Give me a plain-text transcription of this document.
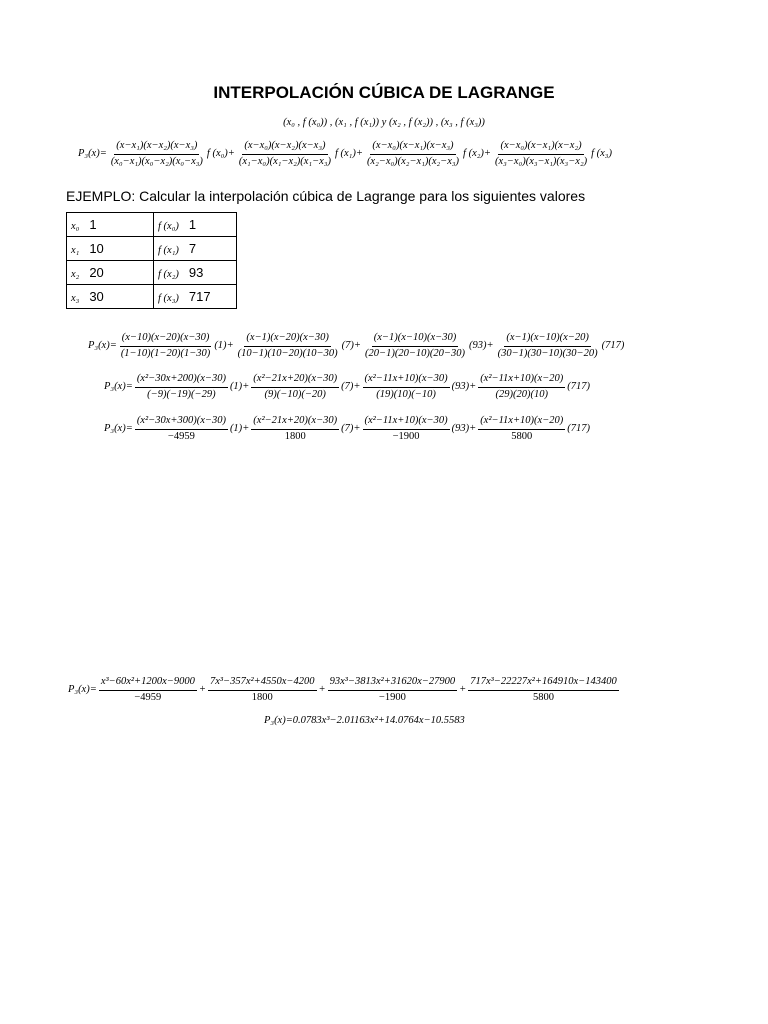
INTERPOLACIÓN CÚBICA DE LAGRANGE
(x₀ , f (x₀)) , (x₁ , f (x₁)) y (x₂ , f (x₂)) , (x₃ , f (x₃))
$P_3(x)= \frac{\text{(x−x₁)(x−x₂)(x−x₃)}}{\text{(x₀−x₁)(x₀−x₂)(x₀−x₃)}}$ f $(x_0) + \frac{\text{(x−x₀)(x−x₂)(x−x₃)}}{\text{(x₁−x₀)(x₁−x₂)(x₁−x₃)}}$ f $(x_1) + \frac{\text{(x−x₀)(x−x₁)(x−x₃)}}{\text{(x₂−x₀)(x₂−x₁)(x₂−x₃)}}$ f $(x_2) + \frac{\text{(x−x₀)(x−x₁)(x−x₂)}}{\text{(x₃−x₀)(x₃−x₁)(x₃−x₂)}}$ f (x₃)
EJEMPLO: Calcular la interpolación cúbica de Lagrange para los siguientes valores
x₀ 1	f (x₀) 1
x₁ 10	f (x₁) 7
x₂ 20	f (x₂) 93
x₃ 30	f (x₃) 717
$P_3(x)= \frac{(x-10)(x-20)(x-30)}{(1-10)(1-20)(1-30)} (1) + \frac{(x-1)(x-20)(x-30)}{(10-1)(10-20)(10-30)} (7) + \frac{(x-1)(x-10)(x-30)}{(20-1)(20-10)(20-30)} (93) + \frac{(x-1)(x-10)(x-20)}{(30-1)(30-10)(30-20)} (717)$
$P_3(x)= \frac{\text{(x²−30x+200)(x−30)}}{(-9)(-19)(-29)} (1) + \frac{\text{(x²−21x+20)(x−30)}}{(9)(-10)(-20)} (7) + \frac{\text{(x²−11x+10)(x−30)}}{(19)(10)(-10)} (93) + \frac{\text{(x²−11x+10)(x−20)}}{(29)(20)(10)} (717)$
$P_3(x)= \frac{\text{(x²−30x+300)(x−30)}}{-4959} (1) + \frac{\text{(x²−21x+20)(x−30)}}{1800} (7) + \frac{\text{(x²−11x+10)(x−30)}}{-1900} (93) + \frac{\text{(x²−11x+10)(x−20)}}{5800} (717)$
$P_3(x)= \frac{\text{x³−60x²+1200x−9000}}{-4959} + \frac{\text{7x³−357x²+4550x−4200}}{1800} + \frac{\text{93x³−3813x²+31620x−27900}}{-1900} + \frac{\text{717x³−22227x²+164910x−143400}}{5800}$
P₃(x)=0.0783x³−2.01163x²+14.0764x−10.5583
